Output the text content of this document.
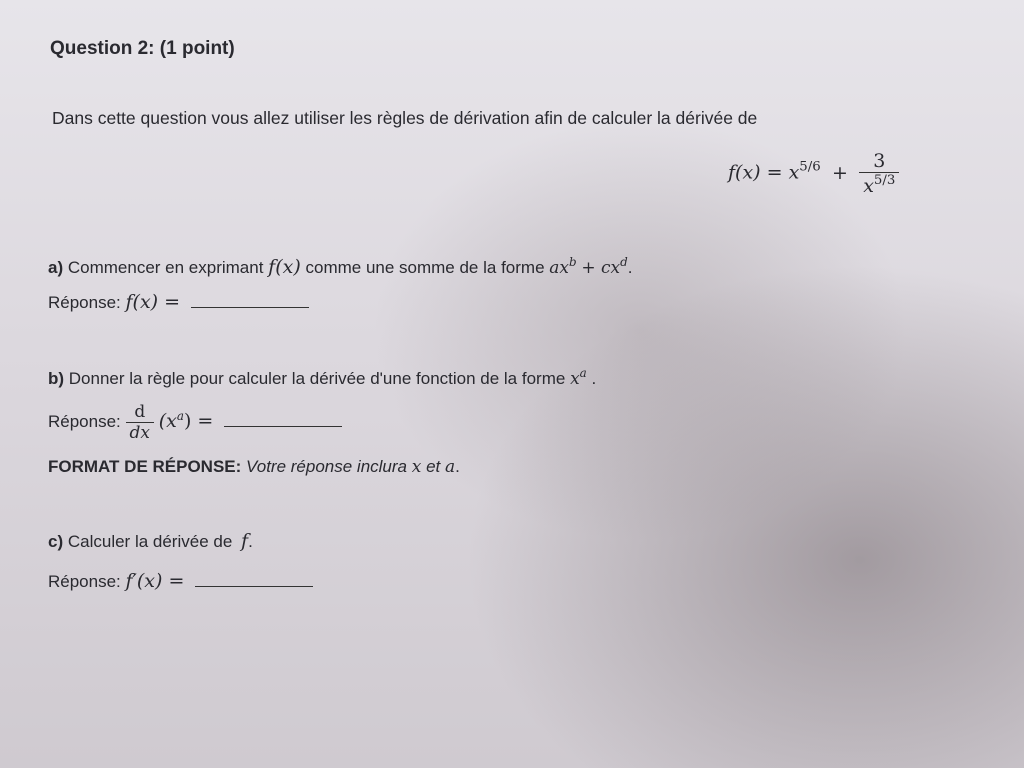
Question 2: (1 point)
Dans cette question vous allez utiliser les règles de dérivation afin de calculer la dérivée de
$f(x) = x^{5/6} + \frac{3}{x^{5/3}}$
a) Commencer en exprimant f(x) comme une somme de la forme $ax^b + cx^d$.
Réponse: f(x) =
b) Donner la règle pour calculer la dérivée d'une fonction de la forme $x^a$ .
Réponse: $\frac{d}{dx} (x^a)$ =
FORMAT DE RÉPONSE: Votre réponse inclura x et a.
c) Calculer la dérivée de f.
Réponse: f′(x) =
